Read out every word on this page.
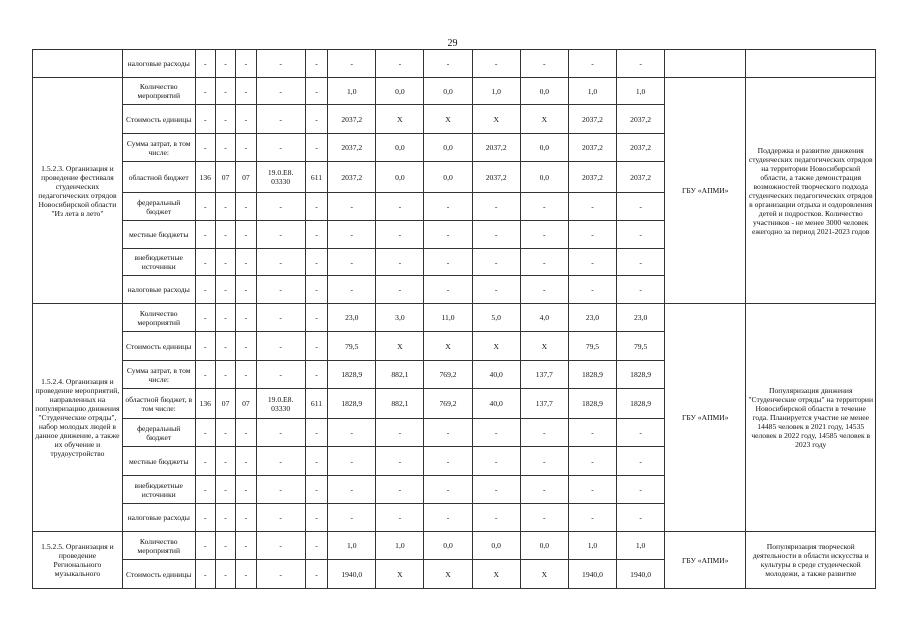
29
	налоговые расходы	-	-	-	-	-	-	-	-	-	-	-	-		
1.5.2.3. Организация и проведение фестиваля студенческих педагогических отрядов Новосибирской области "Из лета в лето"	Количество мероприятий	-	-	-	-	-	1,0	0,0	0,0	1,0	0,0	1,0	1,0	ГБУ «АПМИ»	Поддержка и развитие движения студенческих педагогических отрядов на территории Новосибирской области, а также демонстрация возможностей творческого подхода студенческих педагогических отрядов в организации отдыха и оздоровления детей и подростков. Количество участников - не менее 3000 человек ежегодно за период 2021-2023 годов
	Стоимость единицы	-	-	-	-	-	2037,2	X	X	X	X	2037,2	2037,2		
	Сумма затрат, в том числе:	-	-	-	-	-	2037,2	0,0	0,0	2037,2	0,0	2037,2	2037,2		
	областной бюджет	136	07	07	19.0.Е8. 03330	611	2037,2	0,0	0,0	2037,2	0,0	2037,2	2037,2		
	федеральный бюджет	-	-	-	-	-	-	-	-	-	-	-	-		
	местные бюджеты	-	-	-	-	-	-	-	-	-	-	-	-		
	внебюджетные источники	-	-	-	-	-	-	-	-	-	-	-	-		
	налоговые расходы	-	-	-	-	-	-	-	-	-	-	-	-		
1.5.2.4. Организация и проведение мероприятий, направленных на популяризацию движения "Студенческие отряды", набор молодых людей в данное движение, а также их обучение и трудоустройство	Количество мероприятий	-	-	-	-	-	23,0	3,0	11,0	5,0	4,0	23,0	23,0	ГБУ «АПМИ»	Популяризация движения "Студенческие отряды" на территории Новосибирской области в течение года. Планируется участие не менее 14485 человек в 2021 году, 14535 человек в 2022 году, 14585 человек в 2023 году
	Стоимость единицы	-	-	-	-	-	79,5	X	X	X	X	79,5	79,5		
	Сумма затрат, в том числе:	-	-	-	-	-	1828,9	882,1	769,2	40,0	137,7	1828,9	1828,9		
	областной бюджет, в том числе:	136	07	07	19.0.Е8. 03330	611	1828,9	882,1	769,2	40,0	137,7	1828,9	1828,9		
	федеральный бюджет	-	-	-	-	-	-	-	-	-	-	-	-		
	местные бюджеты	-	-	-	-	-	-	-	-	-	-	-	-		
	внебюджетные источники	-	-	-	-	-	-	-	-	-	-	-	-		
	налоговые расходы	-	-	-	-	-	-	-	-	-	-	-	-		
1.5.2.5. Организация и проведение Регионального музыкального	Количество мероприятий	-	-	-	-	-	1,0	1,0	0,0	0,0	0,0	1,0	1,0	ГБУ «АПМИ»	Популяризация творческой деятельности в области искусства и культуры в среде студенческой молодежи, а также развитие
	Стоимость единицы	-	-	-	-	-	1940,0	X	X	X	X	1940,0	1940,0		
